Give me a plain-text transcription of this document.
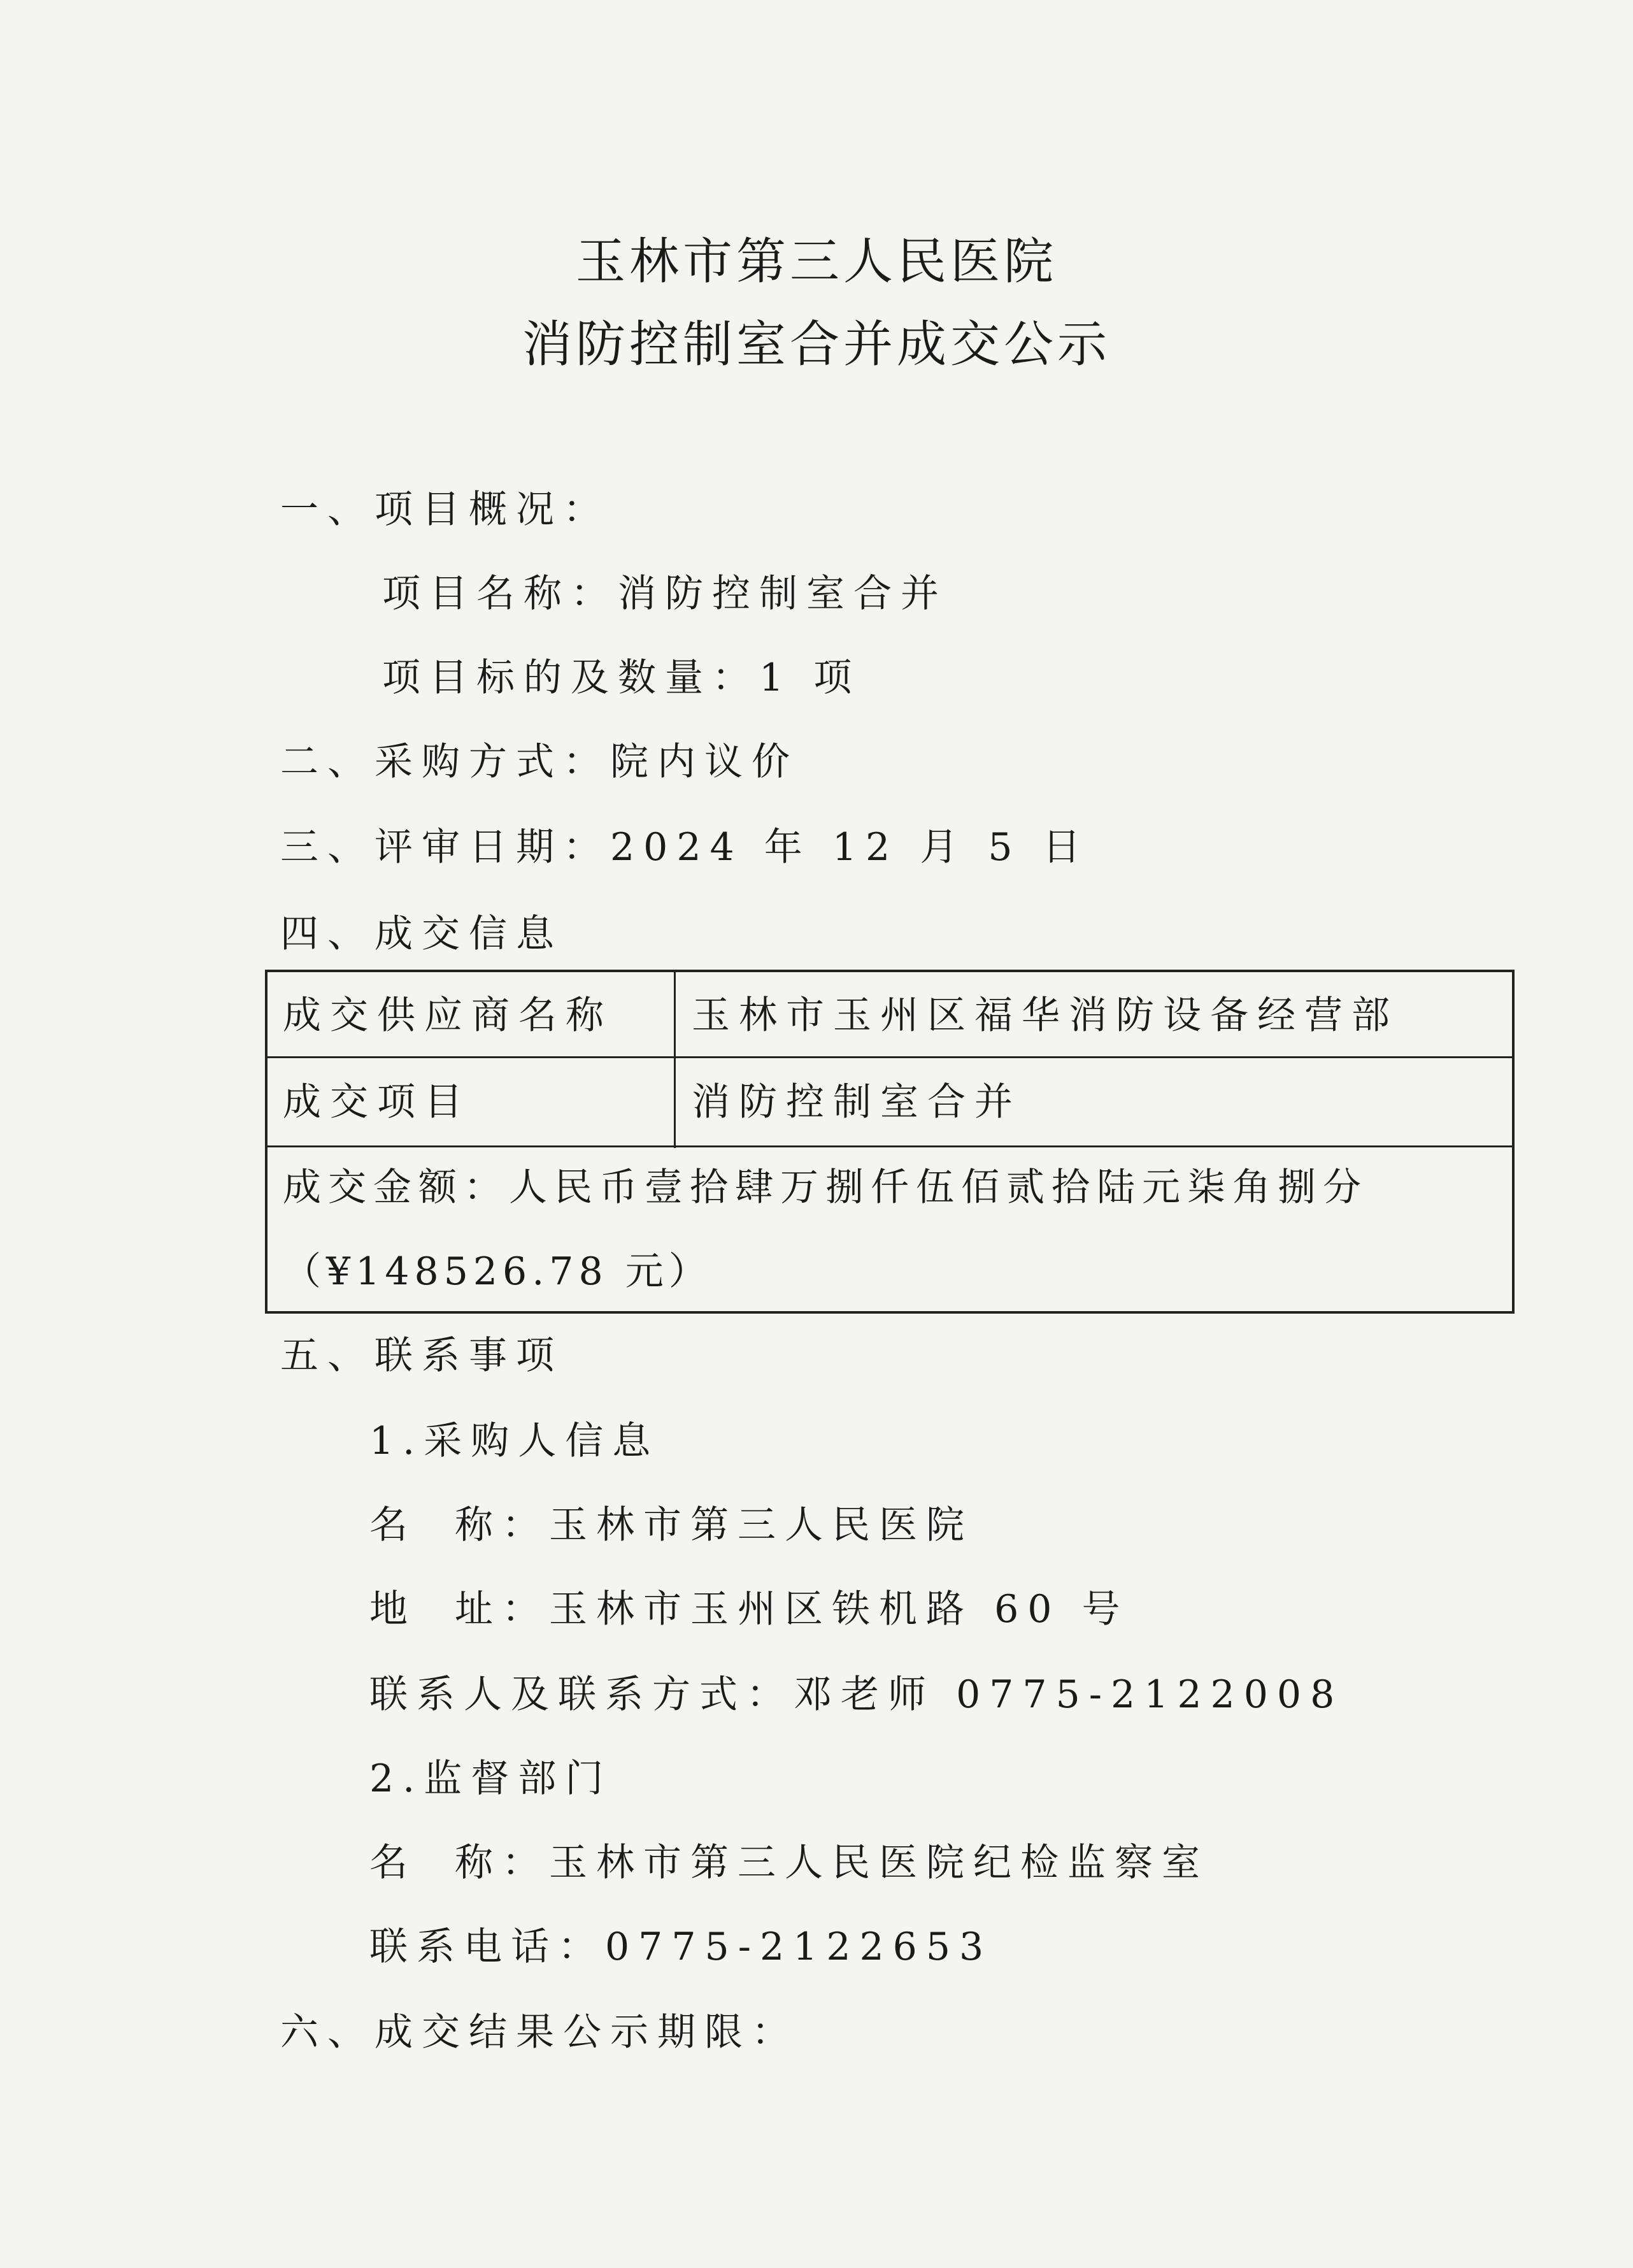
玉林市第三人民医院
消防控制室合并成交公示
一、项目概况：
项目名称：消防控制室合并
项目标的及数量：1 项
二、采购方式：院内议价
三、评审日期：2024 年 12 月 5 日
四、成交信息
成交供应商名称 玉林市玉州区福华消防设备经营部
成交项目	消防控制室合并
成交金额：人民币壹拾肆万捌仟伍佰贰拾陆元柒角捌分
（¥148526.78 元）
五、联系事项
1.采购人信息
名 称：玉林市第三人民医院
地 址：玉林市玉州区铁机路 60 号
联系人及联系方式：邓老师 0775-2122008
2.监督部门
名 称：玉林市第三人民医院纪检监察室
联系电话：0775-2122653
六、成交结果公示期限：
